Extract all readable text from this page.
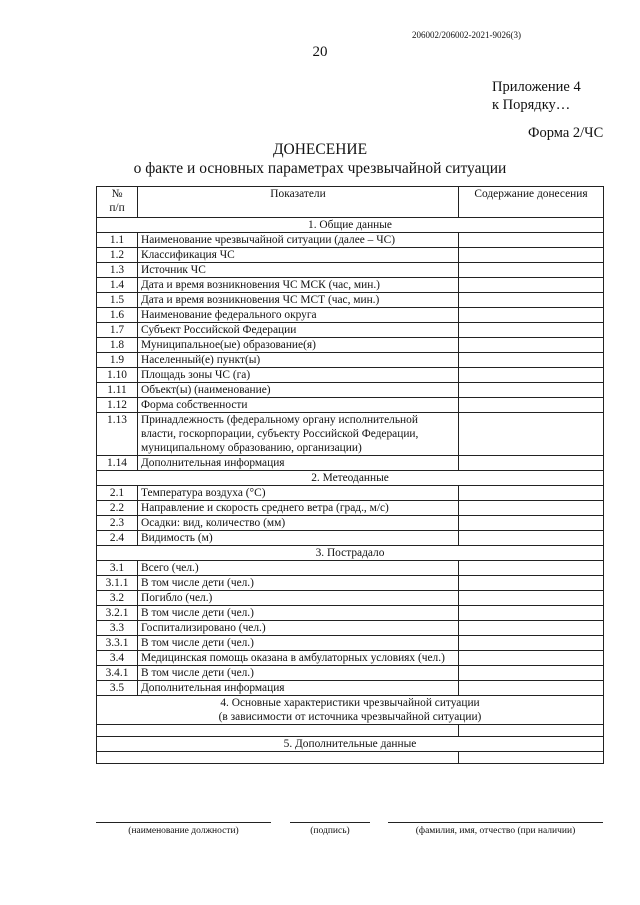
206002/206002-2021-9026(3)
20
Приложение 4
к Порядку…
Форма 2/ЧС
ДОНЕСЕНИЕ
о факте и основных параметрах чрезвычайной ситуации
№
п/п	Показатели	Содержание донесения
1. Общие данные		
1.1	Наименование чрезвычайной ситуации (далее – ЧС)	
1.2	Классификация ЧС	
1.3	Источник ЧС	
1.4	Дата и время возникновения ЧС МСК (час, мин.)	
1.5	Дата и время возникновения ЧС МСТ (час, мин.)	
1.6	Наименование федерального округа	
1.7	Субъект Российской Федерации	
1.8	Муниципальное(ые) образование(я)	
1.9	Населенный(е) пункт(ы)	
1.10	Площадь зоны ЧС (га)	
1.11	Объект(ы) (наименование)	
1.12	Форма собственности	
1.13	Принадлежность (федеральному органу исполнительной власти, госкорпорации, субъекту Российской Федерации, муниципальному образованию, организации)	
1.14	Дополнительная информация	
2. Метеоданные		
2.1	Температура воздуха (°С)	
2.2	Направление и скорость среднего ветра (град., м/с)	
2.3	Осадки: вид, количество (мм)	
2.4	Видимость (м)	
3. Пострадало		
3.1	Всего (чел.)	
3.1.1	В том числе дети (чел.)	
3.2	Погибло (чел.)	
3.2.1	В том числе дети (чел.)	
3.3	Госпитализировано (чел.)	
3.3.1	В том числе дети (чел.)	
3.4	Медицинская помощь оказана в амбулаторных условиях (чел.)	
3.4.1	В том числе дети (чел.)	
3.5	Дополнительная информация	

4. Основные характеристики чрезвычайной ситуации
(в зависимости от источника чрезвычайной ситуации)		

5. Дополнительные данные		

(наименование должности)	(подпись)	(фамилия, имя, отчество (при наличии)
